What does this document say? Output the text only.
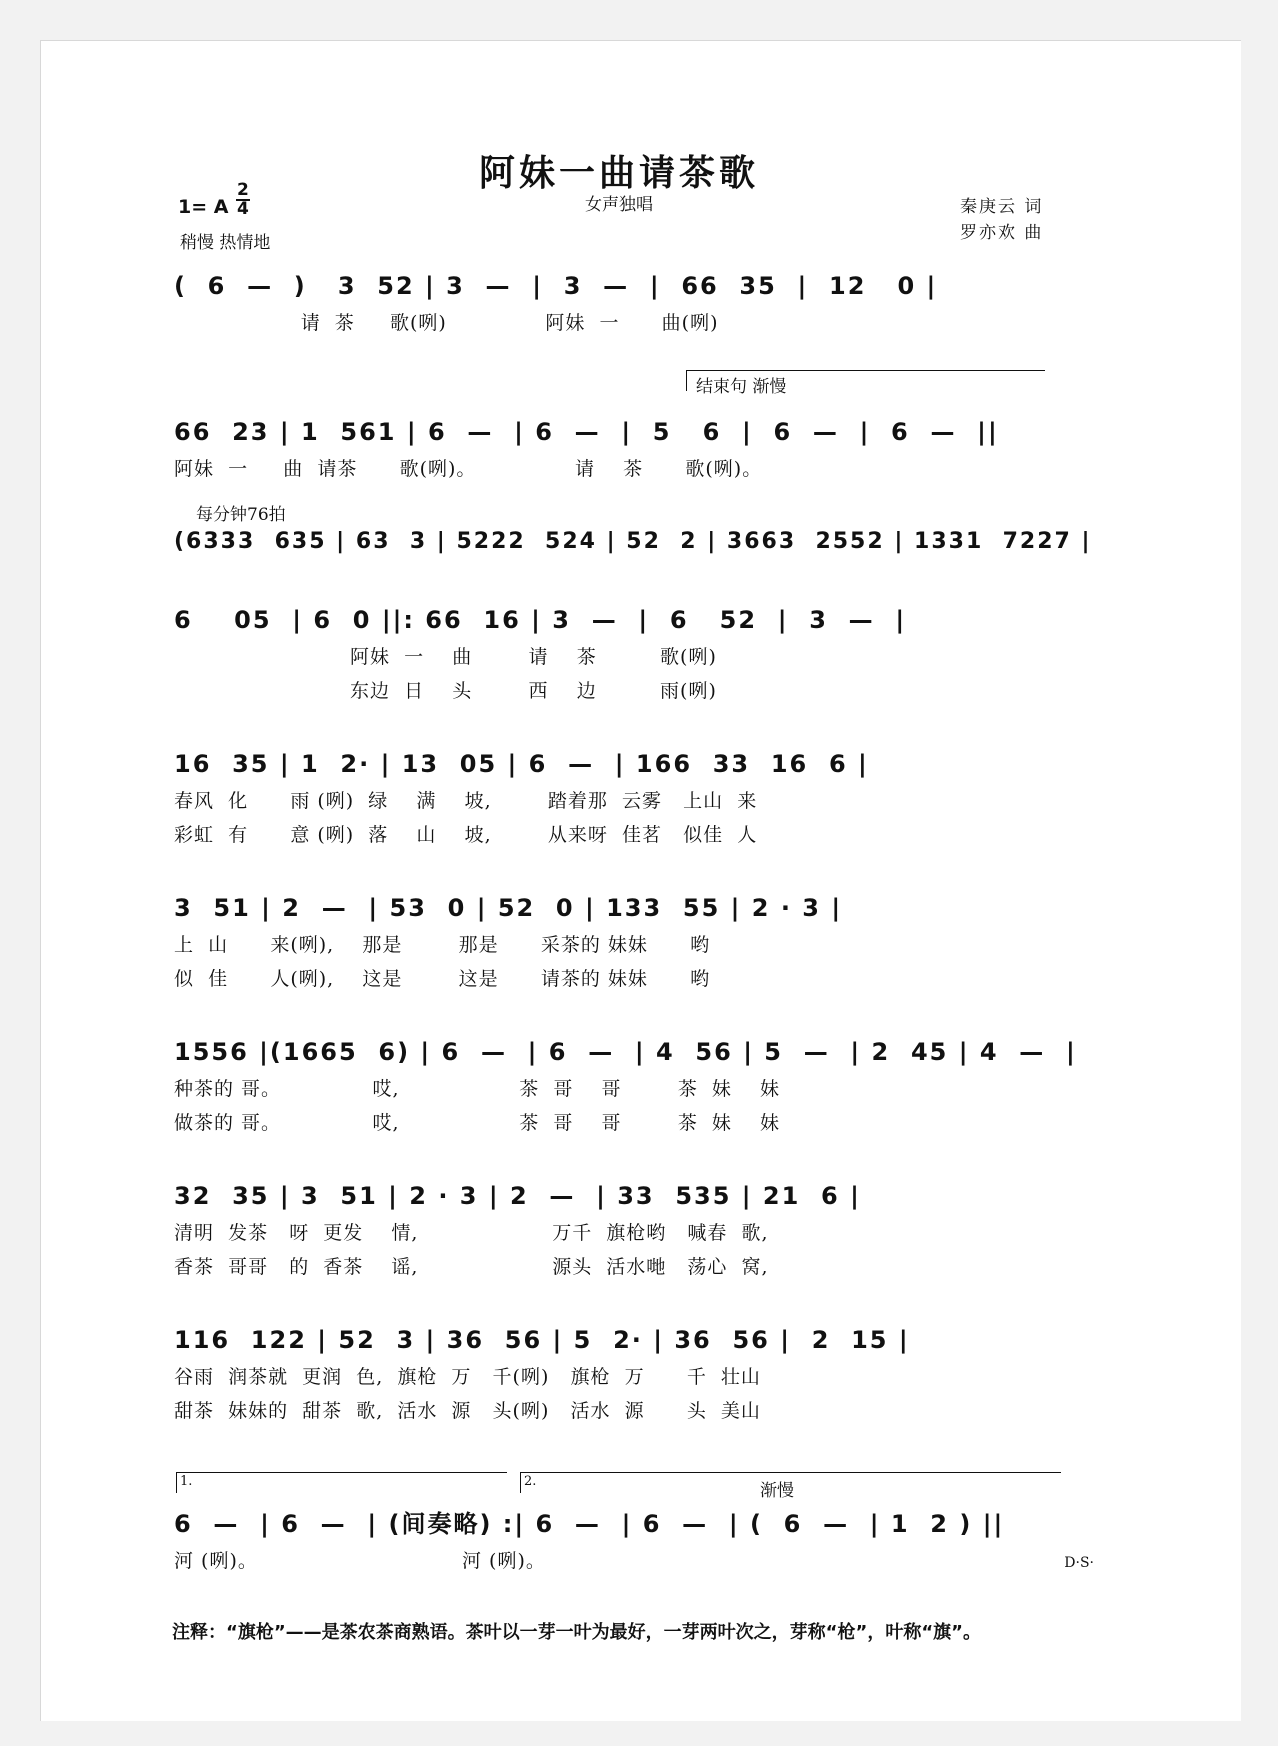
阿妹一曲请茶歌
女声独唱
1= A
2
4
稍慢 热情地
秦庚云 词
罗亦欢 曲
(  6  —  )   3  52 | 3  —  |  3  —  |  66  35  |  12   0 |
请  茶     歌(咧)              阿妹  一      曲(咧)
66  23 | 1  561 | 6  —  | 6  —  |  5   6  |  6  —  |  6  —  ||
阿妹  一     曲  请茶      歌(咧)。              请    茶      歌(咧)。
(6333  635 | 63  3 | 5222  524 | 52  2 | 3663  2552 | 1331  7227 |
6    05  | 6  0 ||: 66  16 | 3  —  |  6   52  |  3  —  |
阿妹  一    曲        请    茶         歌(咧)
东边  日    头        西    边         雨(咧)
16  35 | 1  2· | 13  05 | 6  —  | 166  33  16  6 |
春风  化      雨 (咧)  绿    满    坡,        踏着那  云雾   上山  来
彩虹  有      意 (咧)  落    山    坡,        从来呀  佳茗   似佳  人
3  51 | 2  —  | 53  0 | 52  0 | 133  55 | 2 · 3 |
上  山      来(咧),    那是        那是      采茶的 妹妹      哟
似  佳      人(咧),    这是        这是      请茶的 妹妹      哟
1556 |(1665  6) | 6  —  | 6  —  | 4  56 | 5  —  | 2  45 | 4  —  |
种茶的 哥。             哎,                 茶  哥    哥        茶  妹    妹
做茶的 哥。             哎,                 茶  哥    哥        茶  妹    妹
32  35 | 3  51 | 2 · 3 | 2  —  | 33  535 | 21  6 |
清明  发茶   呀  更发    情,                   万千  旗枪哟   喊春  歌,
香茶  哥哥   的  香茶    谣,                   源头  活水哋   荡心  窝,
116  122 | 52  3 | 36  56 | 5  2· | 36  56 |  2  15 |
谷雨  润茶就  更润  色,  旗枪  万   千(咧)   旗枪  万      千  壮山
甜茶  妹妹的  甜茶  歌,  活水  源   头(咧)   活水  源      头  美山
6  —  | 6  —  | (间奏略) :| 6  —  | 6  —  | (  6  —  | 1  2 ) ||
河 (咧)。                             河 (咧)。
每分钟76拍
结束句 渐慢
1.	2.	渐慢
D·S·
注释：“旗枪”——是茶农茶商熟语。茶叶以一芽一叶为最好，一芽两叶次之，芽称“枪”，叶称“旗”。
